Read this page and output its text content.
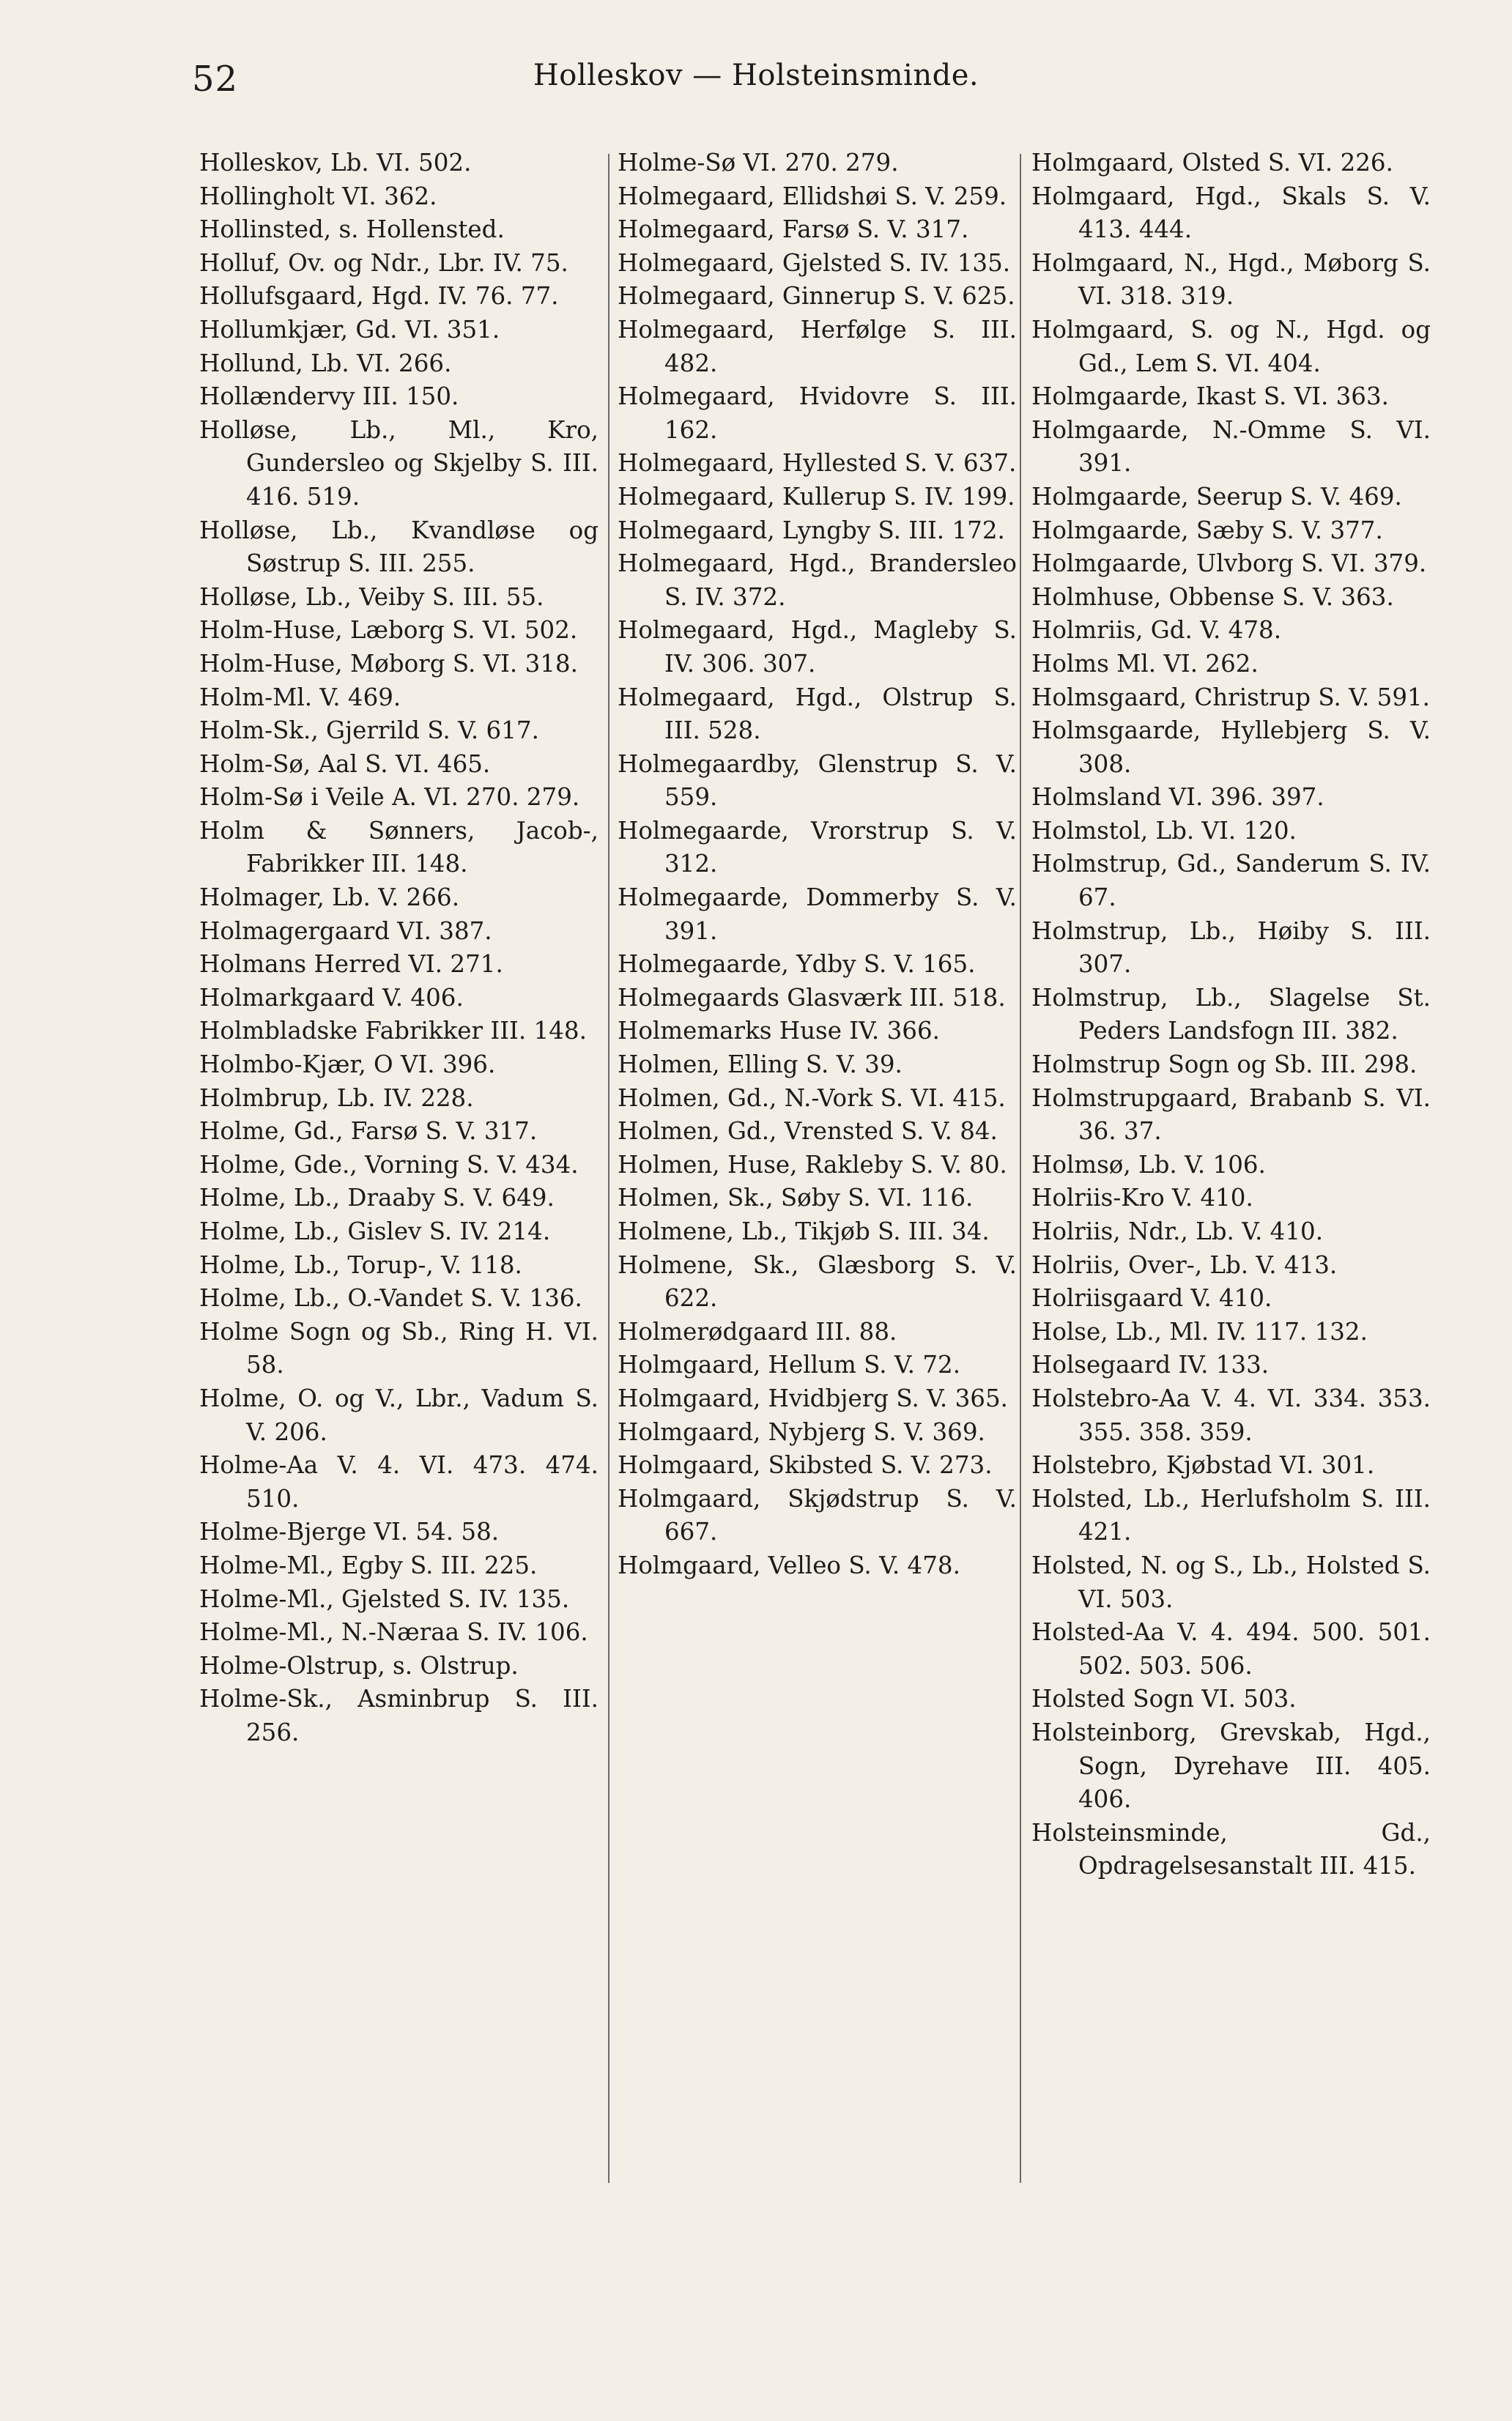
52	Holleskov — Holsteinsminde.

Holleskov, Lb. VI. 502.

Hollingholt VI. 362.

Hollinsted, s. Hollensted.

Holluf, Ov. og Ndr., Lbr. IV. 75.

Hollufsgaard, Hgd. IV. 76. 77.

Hollumkjær, Gd. VI. 351.

Hollund, Lb. VI. 266.

Hollændervy III. 150.

Holløse, Lb., Ml., Kro, Gundersleo og Skjelby S. III. 416. 519.

Holløse, Lb., Kvandløse og Søstrup S. III. 255.

Holløse, Lb., Veiby S. III. 55.

Holm-Huse, Læborg S. VI. 502.

Holm-Huse, Møborg S. VI. 318.

Holm-Ml. V. 469.

Holm-Sk., Gjerrild S. V. 617.

Holm-Sø, Aal S. VI. 465.

Holm-Sø i Veile A. VI. 270. 279.

Holm & Sønners, Jacob-, Fabrikker III. 148.

Holmager, Lb. V. 266.

Holmagergaard VI. 387.

Holmans Herred VI. 271.

Holmarkgaard V. 406.

Holmbladske Fabrikker III. 148.

Holmbo-Kjær, O VI. 396.

Holmbrup, Lb. IV. 228.

Holme, Gd., Farsø S. V. 317.

Holme, Gde., Vorning S. V. 434.

Holme, Lb., Draaby S. V. 649.

Holme, Lb., Gislev S. IV. 214.

Holme, Lb., Torup-, V. 118.

Holme, Lb., O.-Vandet S. V. 136.

Holme Sogn og Sb., Ring H. VI. 58.

Holme, O. og V., Lbr., Vadum S. V. 206.

Holme-Aa V. 4. VI. 473. 474. 510.

Holme-Bjerge VI. 54. 58.

Holme-Ml., Egby S. III. 225.

Holme-Ml., Gjelsted S. IV. 135.

Holme-Ml., N.-Næraa S. IV. 106.

Holme-Olstrup, s. Olstrup.

Holme-Sk., Asminbrup S. III. 256.

Holme-Sø VI. 270. 279.

Holmegaard, Ellidshøi S. V. 259.

Holmegaard, Farsø S. V. 317.

Holmegaard, Gjelsted S. IV. 135.

Holmegaard, Ginnerup S. V. 625.

Holmegaard, Herfølge S. III. 482.

Holmegaard, Hvidovre S. III. 162.

Holmegaard, Hyllested S. V. 637.

Holmegaard, Kullerup S. IV. 199.

Holmegaard, Lyngby S. III. 172.

Holmegaard, Hgd., Brandersleo S. IV. 372.

Holmegaard, Hgd., Magleby S. IV. 306. 307.

Holmegaard, Hgd., Olstrup S. III. 528.

Holmegaardby, Glenstrup S. V. 559.

Holmegaarde, Vrorstrup S. V. 312.

Holmegaarde, Dommerby S. V. 391.

Holmegaarde, Ydby S. V. 165.

Holmegaards Glasværk III. 518.

Holmemarks Huse IV. 366.

Holmen, Elling S. V. 39.

Holmen, Gd., N.-Vork S. VI. 415.

Holmen, Gd., Vrensted S. V. 84.

Holmen, Huse, Raklebу S. V. 80.

Holmen, Sk., Søby S. VI. 116.

Holmene, Lb., Tikjøb S. III. 34.

Holmene, Sk., Glæsborg S. V. 622.

Holmerødgaard III. 88.

Holmgaard, Hellum S. V. 72.

Holmgaard, Hvidbjerg S. V. 365.

Holmgaard, Nybjerg S. V. 369.

Holmgaard, Skibsted S. V. 273.

Holmgaard, Skjødstrup S. V. 667.

Holmgaard, Velleo S. V. 478.

Holmgaard, Olsted S. VI. 226.

Holmgaard, Hgd., Skals S. V. 413. 444.

Holmgaard, N., Hgd., Møborg S. VI. 318. 319.

Holmgaard, S. og N., Hgd. og Gd., Lem S. VI. 404.

Holmgaarde, Ikast S. VI. 363.

Holmgaarde, N.-Omme S. VI. 391.

Holmgaarde, Seerup S. V. 469.

Holmgaarde, Sæby S. V. 377.

Holmgaarde, Ulvborg S. VI. 379.

Holmhuse, Obbense S. V. 363.

Holmriis, Gd. V. 478.

Holms Ml. VI. 262.

Holmsgaard, Christrup S. V. 591.

Holmsgaarde, Hyllebjerg S. V. 308.

Holmsland VI. 396. 397.

Holmstol, Lb. VI. 120.

Holmstrup, Gd., Sanderum S. IV. 67.

Holmstrup, Lb., Høiby S. III. 307.

Holmstrup, Lb., Slagelse St. Peders Landsfogn III. 382.

Holmstrup Sogn og Sb. III. 298.

Holmstrupgaard, Brabanb S. VI. 36. 37.

Holmsø, Lb. V. 106.

Holriis-Kro V. 410.

Holriis, Ndr., Lb. V. 410.

Holriis, Over-, Lb. V. 413.

Holriisgaard V. 410.

Holse, Lb., Ml. IV. 117. 132.

Holsegaard IV. 133.

Holstebro-Aa V. 4. VI. 334. 353. 355. 358. 359.

Holstebro, Kjøbstad VI. 301.

Holsted, Lb., Herlufsholm S. III. 421.

Holsted, N. og S., Lb., Holsted S. VI. 503.

Holsted-Aa V. 4. 494. 500. 501. 502. 503. 506.

Holsted Sogn VI. 503.

Holsteinborg, Grevskab, Hgd., Sogn, Dyrehave III. 405. 406.

Holsteinsminde, Gd., Opdragelsesanstalt III. 415.
